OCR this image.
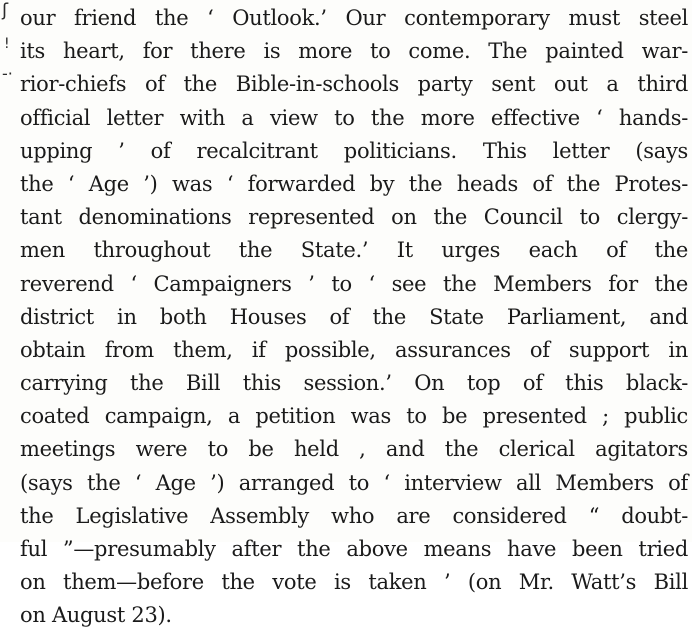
ʃ
!
-·
our friend the ‘ Outlook.’ Our contemporary must steel
its heart, for there is more to come. The painted war-
rior-chiefs of the Bible-in-schools party sent out a third
official letter with a view to the more effective ‘ hands-
upping ’ of recalcitrant politicians. This letter (says
the ‘ Age ’) was ‘ forwarded by the heads of the Protes-
tant denominations represented on the Council to clergy-
men throughout the State.’ It urges each of the
reverend ‘ Campaigners ’ to ‘ see the Members for the
district in both Houses of the State Parliament, and
obtain from them, if possible, assurances of support in
carrying the Bill this session.’ On top of this black-
coated campaign, a petition was to be presented ; public
meetings were to be held , and the clerical agitators
(says the ‘ Age ’) arranged to ‘ interview all Members of
the Legislative Assembly who are considered “ doubt-
ful ”—presumably after the above means have been tried
on them—before the vote is taken ’ (on Mr. Watt’s Bill
on August 23).
